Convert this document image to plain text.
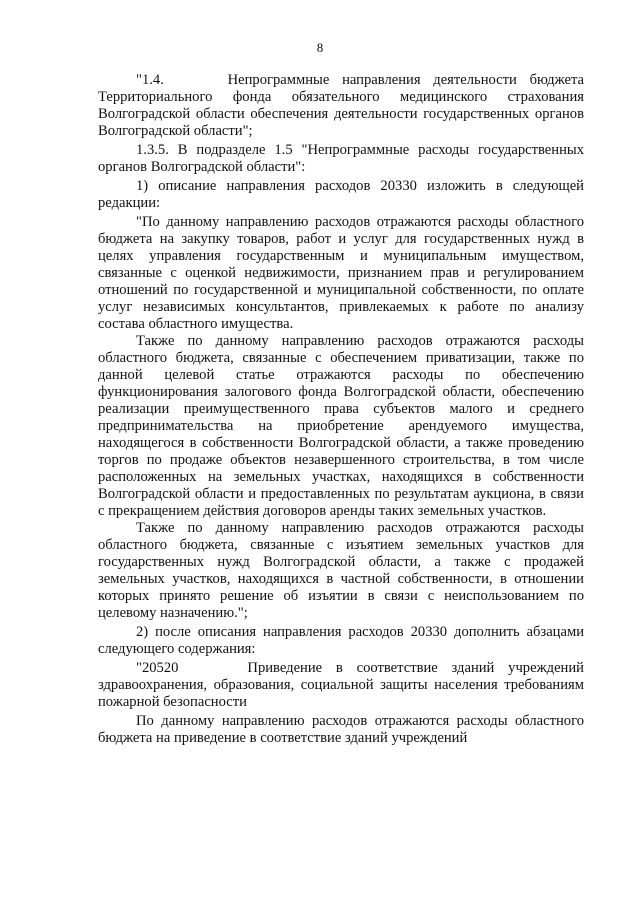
8

"1.4.     Непрограммные направления деятельности бюджета Территориального фонда обязательного медицинского страхования Волгоградской области обеспечения деятельности государственных органов Волгоградской области";

1.3.5. В подразделе 1.5 "Непрограммные расходы государственных органов Волгоградской области":

1) описание направления расходов 20330 изложить в следующей редакции:

"По данному направлению расходов отражаются расходы областного бюджета на закупку товаров, работ и услуг для государственных нужд в целях управления государственным и муниципальным имуществом, связанные с оценкой недвижимости, признанием прав и регулированием отношений по государственной и муниципальной собственности, по оплате услуг независимых консультантов, привлекаемых к работе по анализу состава областного имущества.

Также по данному направлению расходов отражаются расходы областного бюджета, связанные с обеспечением приватизации, также по данной целевой статье отражаются расходы по обеспечению функционирования залогового фонда Волгоградской области, обеспечению реализации преимущественного права субъектов малого и среднего предпринимательства на приобретение арендуемого имущества, находящегося в собственности Волгоградской области, а также проведению торгов по продаже объектов незавершенного строительства, в том числе расположенных на земельных участках, находящихся в собственности Волгоградской области и предоставленных по результатам аукциона, в связи с прекращением действия договоров аренды таких земельных участков.

Также по данному направлению расходов отражаются расходы областного бюджета, связанные с изъятием земельных участков для государственных нужд Волгоградской области, а также с продажей земельных участков, находящихся в частной собственности, в отношении которых принято решение об изъятии в связи с неиспользованием по целевому назначению.";

2) после описания направления расходов 20330 дополнить абзацами следующего содержания:

"20520     Приведение в соответствие зданий учреждений здравоохранения, образования, социальной защиты населения требованиям пожарной безопасности

По данному направлению расходов отражаются расходы областного бюджета на приведение в соответствие зданий учреждений
